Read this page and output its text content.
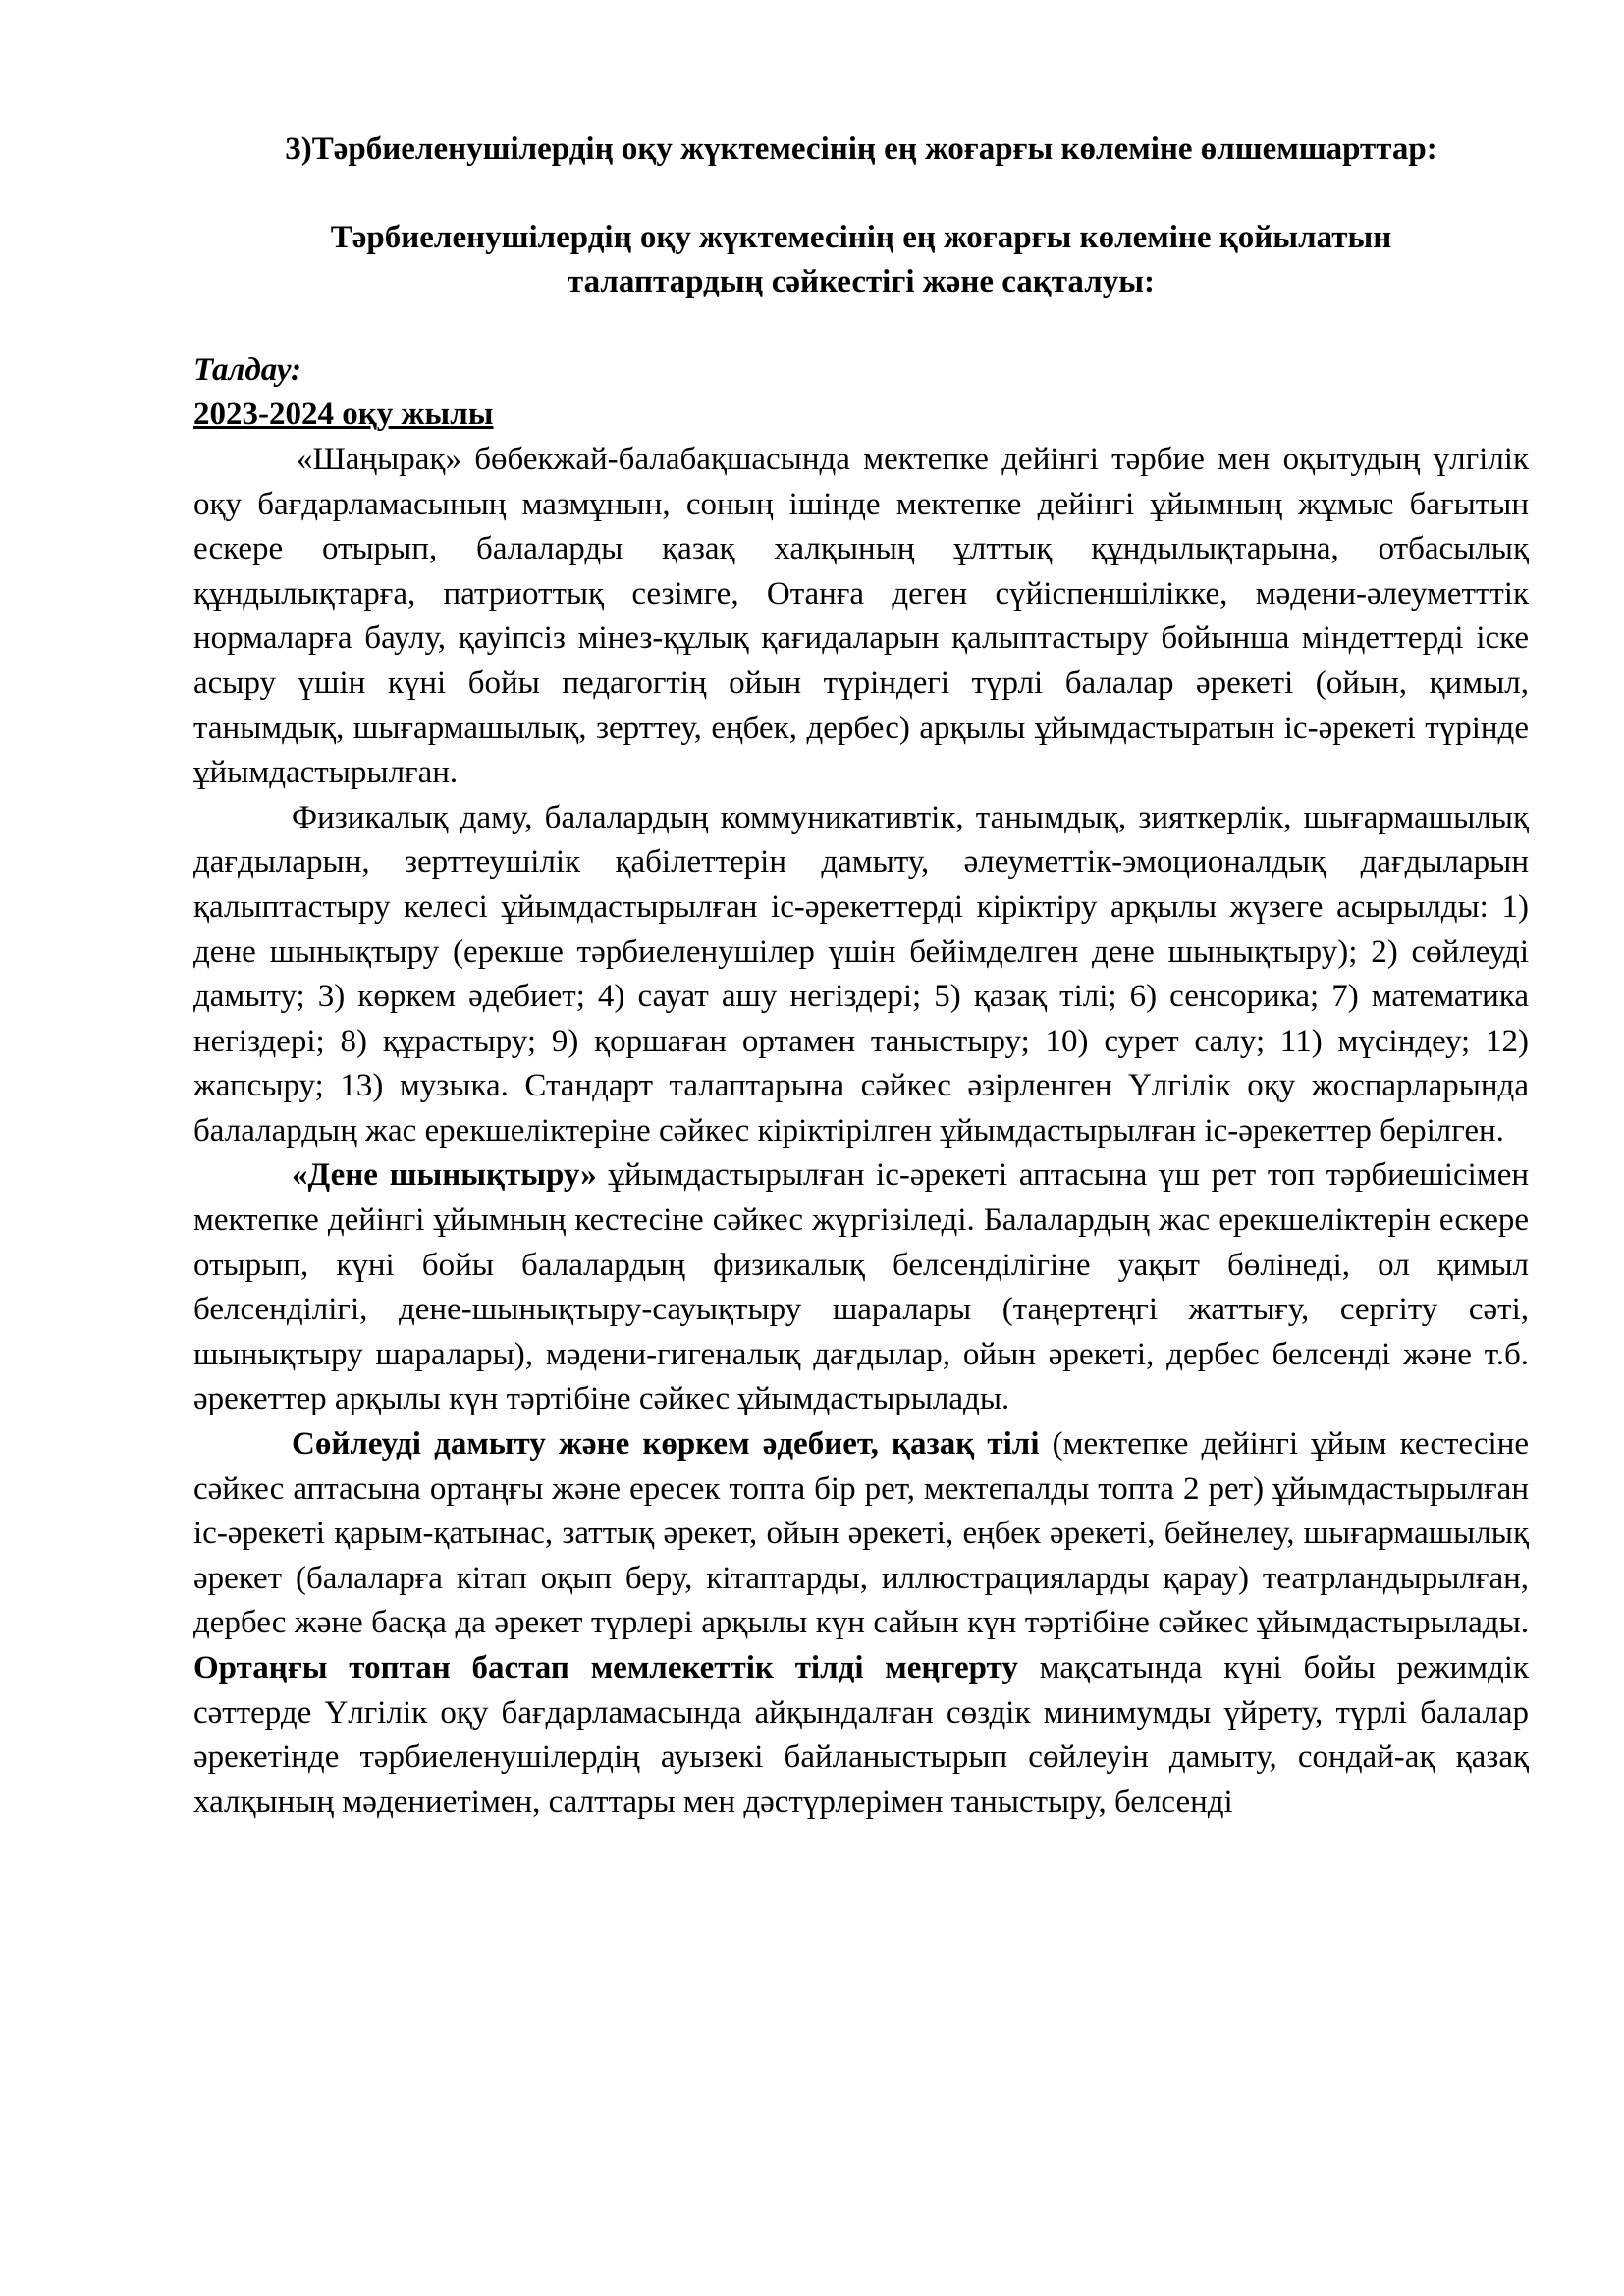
3)Тәрбиеленушілердің оқу жүктемесінің ең жоғарғы көлеміне өлшемшарттар:

Тәрбиеленушілердің оқу жүктемесінің ең жоғарғы көлеміне қойылатын талаптардың сәйкестігі және сақталуы:

Талдау:

2023-2024 оқу жылы

«Шаңырақ» бөбекжай-балабақшасында мектепке дейінгі тәрбие мен оқытудың үлгілік оқу бағдарламасының мазмұнын, соның ішінде мектепке дейінгі ұйымның жұмыс бағытын ескере отырып, балаларды қазақ халқының ұлттық құндылықтарына, отбасылық құндылықтарға, патриоттық сезімге, Отанға деген сүйіспеншілікке, мәдени-әлеуметттік нормаларға баулу, қауіпсіз мінез-құлық қағидаларын қалыптастыру бойынша міндеттерді іске асыру үшін күні бойы педагогтің ойын түріндегі түрлі балалар әрекеті (ойын, қимыл, танымдық, шығармашылық, зерттеу, еңбек, дербес) арқылы ұйымдастыратын іс-әрекеті түрінде ұйымдастырылған.

Физикалық даму, балалардың коммуникативтік, танымдық, зияткерлік, шығармашылық дағдыларын, зерттеушілік қабілеттерін дамыту, әлеуметтік-эмоционалдық дағдыларын қалыптастыру келесі ұйымдастырылған іс-әрекеттерді кіріктіру арқылы жүзеге асырылды: 1) дене шынықтыру (ерекше тәрбиеленушілер үшін бейімделген дене шынықтыру); 2) сөйлеуді дамыту; 3) көркем әдебиет; 4) сауат ашу негіздері; 5) қазақ тілі; 6) сенсорика; 7) математика негіздері; 8) құрастыру; 9) қоршаған ортамен таныстыру; 10) сурет салу; 11) мүсіндеу; 12) жапсыру; 13) музыка. Стандарт талаптарына сәйкес әзірленген Үлгілік оқу жоспарларында балалардың жас ерекшеліктеріне сәйкес кіріктірілген ұйымдастырылған іс-әрекеттер берілген.

«Дене шынықтыру» ұйымдастырылған іс-әрекеті аптасына үш рет топ тәрбиешісімен мектепке дейінгі ұйымның кестесіне сәйкес жүргізіледі. Балалардың жас ерекшеліктерін ескере отырып, күні бойы балалардың физикалық белсенділігіне уақыт бөлінеді, ол қимыл белсенділігі, дене-шынықтыру-сауықтыру шаралары (таңертеңгі жаттығу, сергіту сәті, шынықтыру шаралары), мәдени-гигеналық дағдылар, ойын әрекеті, дербес белсенді және т.б. әрекеттер арқылы күн тәртібіне сәйкес ұйымдастырылады.

Сөйлеуді дамыту және көркем әдебиет, қазақ тілі (мектепке дейінгі ұйым кестесіне сәйкес аптасына ортаңғы және ересек топта бір рет, мектепалды топта 2 рет) ұйымдастырылған іс-әрекеті қарым-қатынас, заттық әрекет, ойын әрекеті, еңбек әрекеті, бейнелеу, шығармашылық әрекет (балаларға кітап оқып беру, кітаптарды, иллюстрацияларды қарау) театрландырылған, дербес және басқа да әрекет түрлері арқылы күн сайын күн тәртібіне сәйкес ұйымдастырылады. Ортаңғы топтан бастап мемлекеттік тілді меңгерту мақсатында күні бойы режимдік сәттерде Үлгілік оқу бағдарламасында айқындалған сөздік минимумды үйрету, түрлі балалар әрекетінде тәрбиеленушілердің ауызекі байланыстырып сөйлеуін дамыту, сондай-ақ қазақ халқының мәдениетімен, салттары мен дәстүрлерімен таныстыру, белсенді
